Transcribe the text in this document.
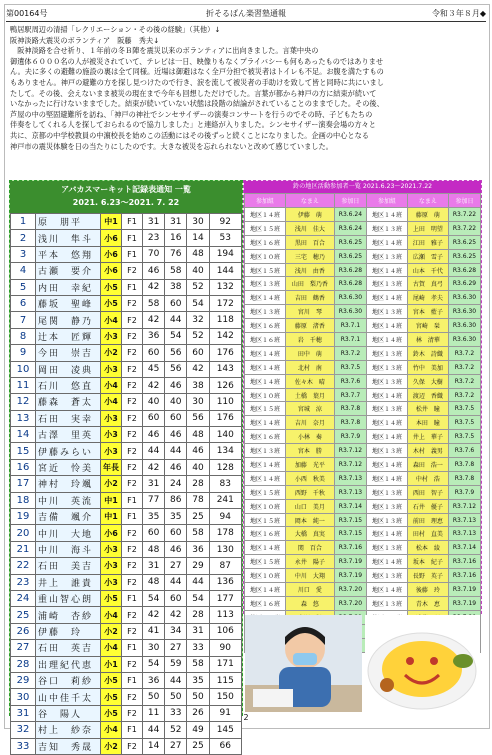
第00164号	折そるばん楽習塾通報	令和３年８月◆
鴨居駅周辺の清掃「レクリエーション・その後の経験」（其他）↓
阪神淡路大震災のボランティア　阪藤　秀夫↓
　阪神淡路を合せ祈り、１年前の冬Ｂ陣を震災以来のボランティアに出向きました。言葉中央の
御遺体６０００名の人が被災されていて、テレビは一日、映像りもなくプライバシーも何もあったものではありませ
ん。夫に多くの避難の施設の裏は全て同様。近場は御避はなく全戸分担で被災者はトイレも不足。お腹を満たすもの
もありません。神戸の避難の方を探し見つけたので行き、涙を流して被災者の手助けを致して皆と同時に共にいまし
たして。その後、会えないまま被災の現在まで今年も回想しただけでした。言葉が都から神戸の方に結束が続いて
いなかったに行けないままでした。結束が続いていない状態は段階の結論がされていることのままでした。その後、
芦屋の中の堅固避難所を訪ね、「神戸の神社でシンセサイザーの演奏コンサートを行うのでその時、子どもたちの
伴奏をしてくれる人を探しておられるので協力しました」と連絡が入りました。シンセサイザー演奏会場の方々と
共に、京都の中学校教員の中濵校長を始めこの活動にはその後ずっと続くことになりました。企画の中心となる
神戸市の震災体験を日の当たりにしたのです。大きな被災を忘れられないと改めて感じていました。
アバカスマーキット記録表通知 一覧
2021. 6.23～2021. 7. 22
1	原　朋平	中1	F1	31	31	30	92
2	浅川　隼斗	小6	F1	23	16	14	53
3	平本　悠翔	小6	F1	70	76	48	194
4	古瀬　要介	小6	F2	46	58	40	144
5	内田　幸紀	小5	F1	42	38	52	132
6	藤坂　聖峰	小5	F2	58	60	54	172
7	尾関　静乃	小4	F2	42	44	32	118
8	辻本　匠輝	小3	F2	36	54	52	142
9	今田　崇吉	小2	F2	60	56	60	176
10	岡田　凌典	小3	F2	45	56	42	143
11	石川　悠直	小4	F2	42	46	38	126
12	藤森　蒼太	小4	F2	40	40	30	110
13	石田　実幸	小3	F2	60	60	56	176
14	古澤　里英	小3	F2	46	46	48	140
15	伊藤みらい	小3	F2	44	44	46	134
16	宮近　怜美	年長	F2	42	46	40	128
17	神村　玲颯	小2	F2	31	24	28	83
18	中川　英流	中1	F1	77	86	78	241
19	吉備　颯介	中1	F1	35	35	25	94
20	中川　大地	小6	F2	60	60	58	178
21	中川　海斗	小3	F2	48	46	36	130
22	石田　美吉	小3	F2	31	27	29	87
23	井上　誰貴	小3	F2	48	44	44	136
24	重山智心朗	小5	F1	54	60	54	177
25	浦崎　杏紗	小4	F2	42	42	28	113
26	伊藤　玲	小2	F2	41	34	31	106
27	石田　英吉	小4	F1	30	27	33	90
28	出理紀代恵	小1	F2	54	59	58	171
29	谷口　莉紗	小5	F1	36	44	35	115
30	山中佳千太	小5	F2	50	50	50	150
31	谷　陽人	小5	F2	11	33	26	91
32	村上　紗奈	小4	F1	44	52	49	145
33	吉知　秀晟	小2	F2	14	27	25	66
鈴の地区活動参加者一覧 2021.6.23～2021.7.22
参加組	なまえ	参加日	参加組	なまえ	参加日
地区１４班	伊藤　萌	R3.6.24	地区１４班	藤原　萌	R3.7.22
地区１５班	浅川　佳大	R3.6.24	地区１３班	上田　明望	R3.7.22
地区１６班	黒田　百合	R3.6.25	地区１４班	江田　雅子	R3.6.25
地区１０班	三宅　穂乃	R3.6.25	地区１３班	広瀬　雪子	R3.6.25
地区１５班	浅川　由香	R3.6.28	地区１４班	山本　千代	R3.6.28
地区１３班	山田　梨乃香	R3.6.28	地区１３班	古賀　真弓	R3.6.29
地区１４班	吉田　鶴香	R3.6.30	地区１４班	尾崎　孝夫	R3.6.30
地区１３班	宮川　琴	R3.6.30	地区１３班	宮本　藍子	R3.6.30
地区１６班	藤原　渚香	R3.7.1	地区１４班	宮崎　栞	R3.6.30
地区１６班	岩　千穂	R3.7.1	地区１４班	林　清華	R3.6.30
地区１４班	田中　萌	R3.7.2	地区１３班	鈴木　詩織	R3.7.2
地区１４班	北村　南	R3.7.5	地区１３班	竹中　美加	R3.7.2
地区１４班	佐々木　晴	R3.7.6	地区１３班	久保　大樹	R3.7.2
地区１０班	土橋　葉月	R3.7.7	地区１４班	渡辺　香織	R3.7.2
地区１５班	宮城　涼	R3.7.8	地区１３班	松井　瞳	R3.7.5
地区１４班	吉川　奈月	R3.7.8	地区１４班	本田　瞳	R3.7.5
地区１６班	小林　奏	R3.7.9	地区１４班	井上　華子	R3.7.5
地区１３班	宮本　勝	R3.7.12	地区１３班	木村　義男	R3.7.6
地区１４班	加藤　光平	R3.7.12	地区１４班	森田　浩一	R3.7.8
地区１４班	小西　秋美	R3.7.13	地区１４班	中村　浩	R3.7.8
地区１５班	西野　千秋	R3.7.13	地区１３班	西田　智子	R3.7.9
地区１０班	山口　美月	R3.7.14	地区１３班	石井　優子	R3.7.12
地区１５班	岡本　純一	R3.7.15	地区１３班	前田　理恵	R3.7.13
地区１６班	大橋　真実	R3.7.15	地区１４班	田村　直美	R3.7.13
地区１４班	関　百合	R3.7.16	地区１３班	松本　綾	R3.7.14
地区１５班	永井　陽子	R3.7.19	地区１４班	坂本　紀子	R3.7.16
地区１０班	中川　大翔	R3.7.19	地区１３班	長野　英子	R3.7.16
地区１４班	川口　愛	R3.7.20	地区１４班	後藤　玲	R3.7.19
地区１６班	森　悠	R3.7.20	地区１３班	青木　恵	R3.7.19

2
